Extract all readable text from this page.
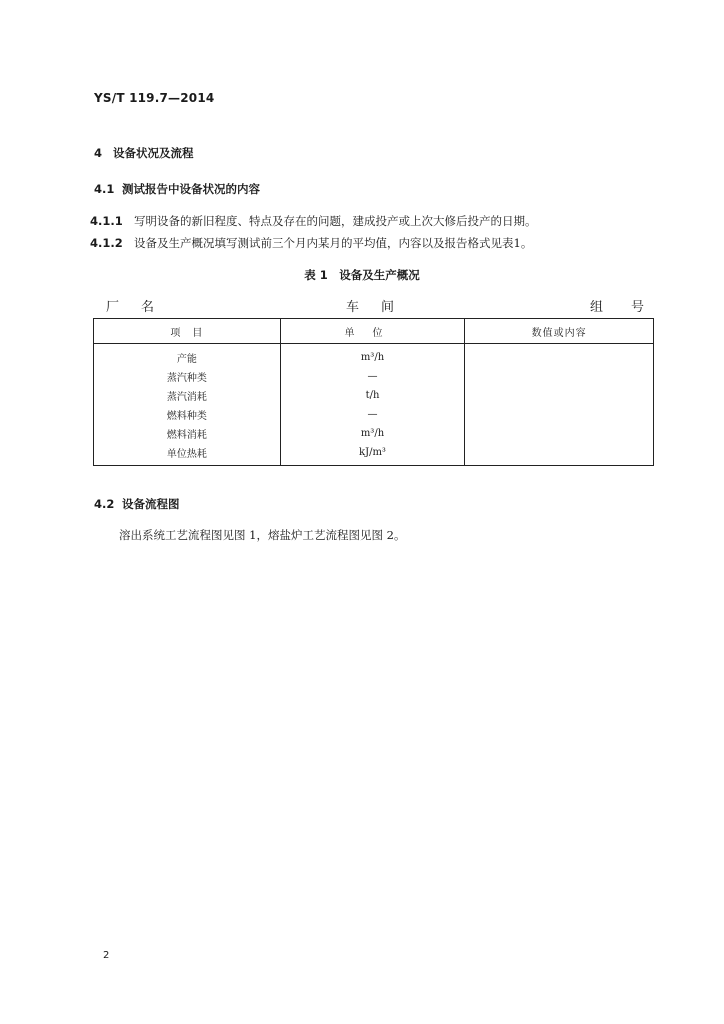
YS/T 119.7—2014
4 设备状况及流程
4.1 测试报告中设备状况的内容
4.1.1 写明设备的新旧程度、特点及存在的问题，建成投产或上次大修后投产的日期。
4.1.2 设备及生产概况填写测试前三个月内某月的平均值，内容以及报告格式见表1。
表 1　设备及生产概况
厂名	车间	组号
项　目	单位	数值或内容
产能	m³/h	
蒸汽种类	—	
蒸汽消耗	t/h	
燃料种类	—	
燃料消耗	m³/h	
单位热耗	kJ/m³	
4.2 设备流程图
溶出系统工艺流程图见图 1，熔盐炉工艺流程图见图 2。
2
